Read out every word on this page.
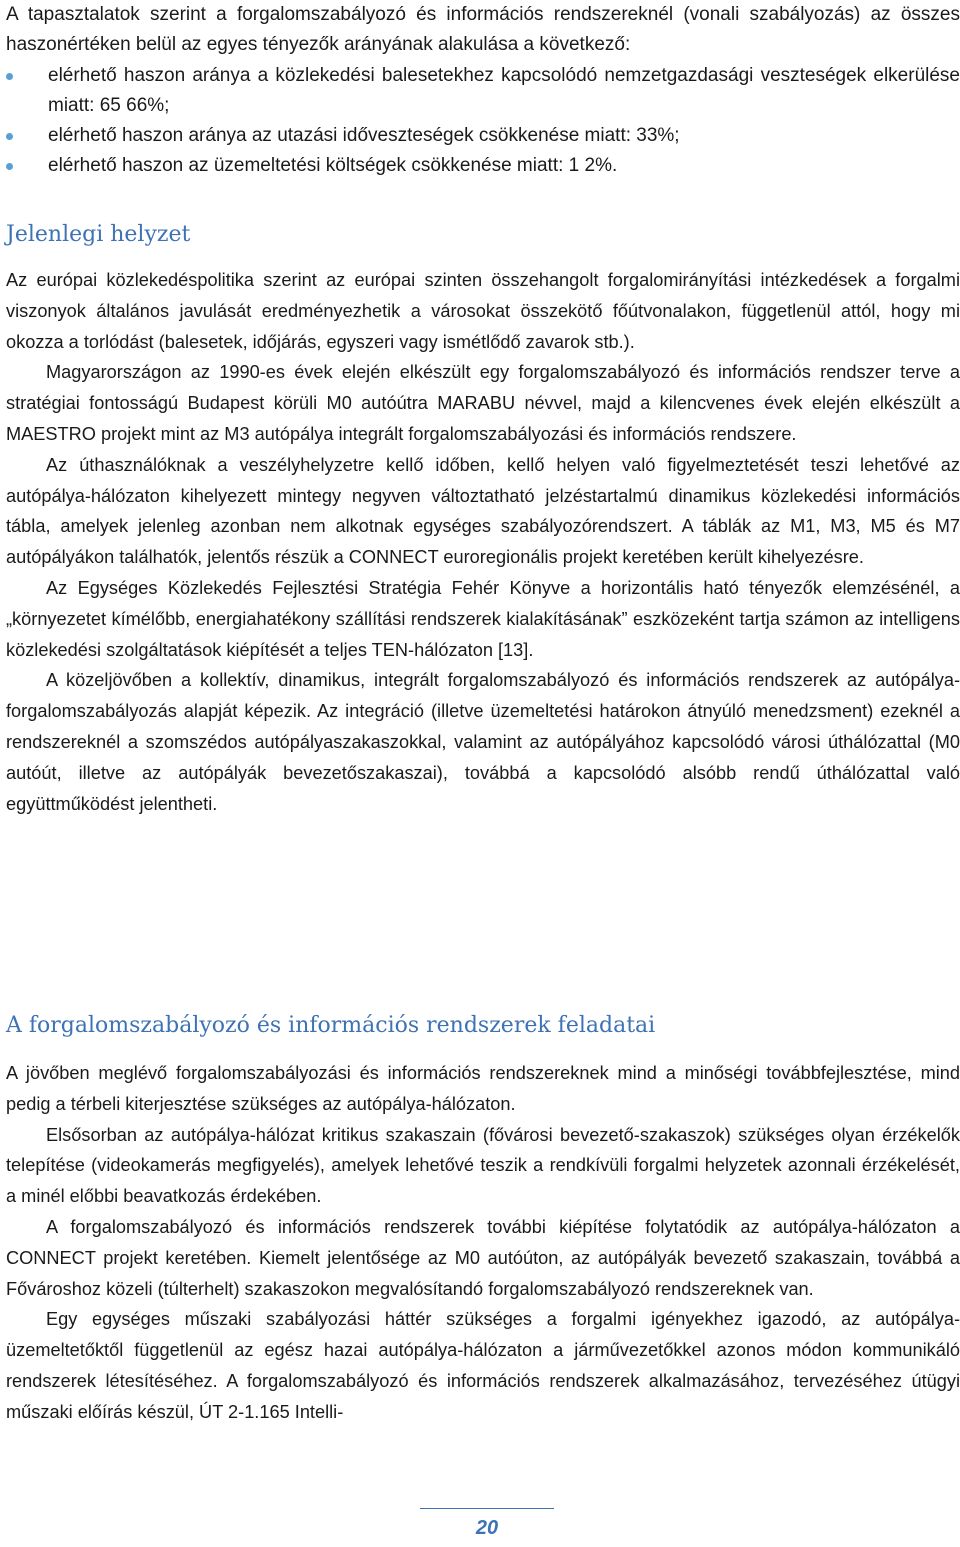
A tapasztalatok szerint a forgalomszabályozó és információs rendszereknél (vonali szabályozás) az összes haszonértéken belül az egyes tényezők arányának alakulása a következő:

elérhető haszon aránya a közlekedési balesetekhez kapcsolódó nemzetgazdasági veszteségek elkerülése miatt: 65 66%;
elérhető haszon aránya az utazási időveszteségek csökkenése miatt: 33%;
elérhető haszon az üzemeltetési költségek csökkenése miatt: 1 2%.
Jelenlegi helyzet

Az európai közlekedéspolitika szerint az európai szinten összehangolt forgalomirányítási intézkedések a forgalmi viszonyok általános javulását eredményezhetik a városokat összekötő főútvonalakon, függetlenül attól, hogy mi okozza a torlódást (balesetek, időjárás, egyszeri vagy ismétlődő zavarok stb.).

Magyarországon az 1990-es évek elején elkészült egy forgalomszabályozó és információs rendszer terve a stratégiai fontosságú Budapest körüli M0 autóútra MARABU névvel, majd a kilencvenes évek elején elkészült a MAESTRO projekt mint az M3 autópálya integrált forgalomszabályozási és információs rendszere.

Az úthasználóknak a veszélyhelyzetre kellő időben, kellő helyen való figyelmeztetését teszi lehetővé az autópálya-hálózaton kihelyezett mintegy negyven változtatható jelzéstartalmú dinamikus közlekedési információs tábla, amelyek jelenleg azonban nem alkotnak egységes szabályozórendszert. A táblák az M1, M3, M5 és M7 autópályákon találhatók, jelentős részük a CONNECT euroregionális projekt keretében került kihelyezésre.

Az Egységes Közlekedés Fejlesztési Stratégia Fehér Könyve a horizontális ható tényezők elemzésénél, a „környezetet kímélőbb, energiahatékony szállítási rendszerek kialakításának” eszközeként tartja számon az intelligens közlekedési szolgáltatások kiépítését a teljes TEN-hálózaton [13].

A közeljövőben a kollektív, dinamikus, integrált forgalomszabályozó és információs rendszerek az autópálya-forgalomszabályozás alapját képezik. Az integráció (illetve üzemeltetési határokon átnyúló menedzsment) ezeknél a rendszereknél a szomszédos autópályaszakaszokkal, valamint az autópályához kapcsolódó városi úthálózattal (M0 autóút, illetve az autópályák bevezetőszakaszai), továbbá a kapcsolódó alsóbb rendű úthálózattal való együttműködést jelentheti.

A forgalomszabályozó és információs rendszerek feladatai

A jövőben meglévő forgalomszabályozási és információs rendszereknek mind a minőségi továbbfejlesztése, mind pedig a térbeli kiterjesztése szükséges az autópálya-hálózaton.

Elsősorban az autópálya-hálózat kritikus szakaszain (fővárosi bevezető-szakaszok) szükséges olyan érzékelők telepítése (videokamerás megfigyelés), amelyek lehetővé teszik a rendkívüli forgalmi helyzetek azonnali érzékelését, a minél előbbi beavatkozás érdekében.

A forgalomszabályozó és információs rendszerek további kiépítése folytatódik az autópálya-hálózaton a CONNECT projekt keretében. Kiemelt jelentősége az M0 autóúton, az autópályák bevezető szakaszain, továbbá a Fővároshoz közeli (túlterhelt) szakaszokon megvalósítandó forgalomszabályozó rendszereknek van.

Egy egységes műszaki szabályozási háttér szükséges a forgalmi igényekhez igazodó, az autópálya-üzemeltetőktől függetlenül az egész hazai autópálya-hálózaton a járművezetőkkel azonos módon kommunikáló rendszerek létesítéséhez. A forgalomszabályozó és információs rendszerek alkalmazásához, tervezéséhez útügyi műszaki előírás készül, ÚT 2-1.165 Intelli-

20
